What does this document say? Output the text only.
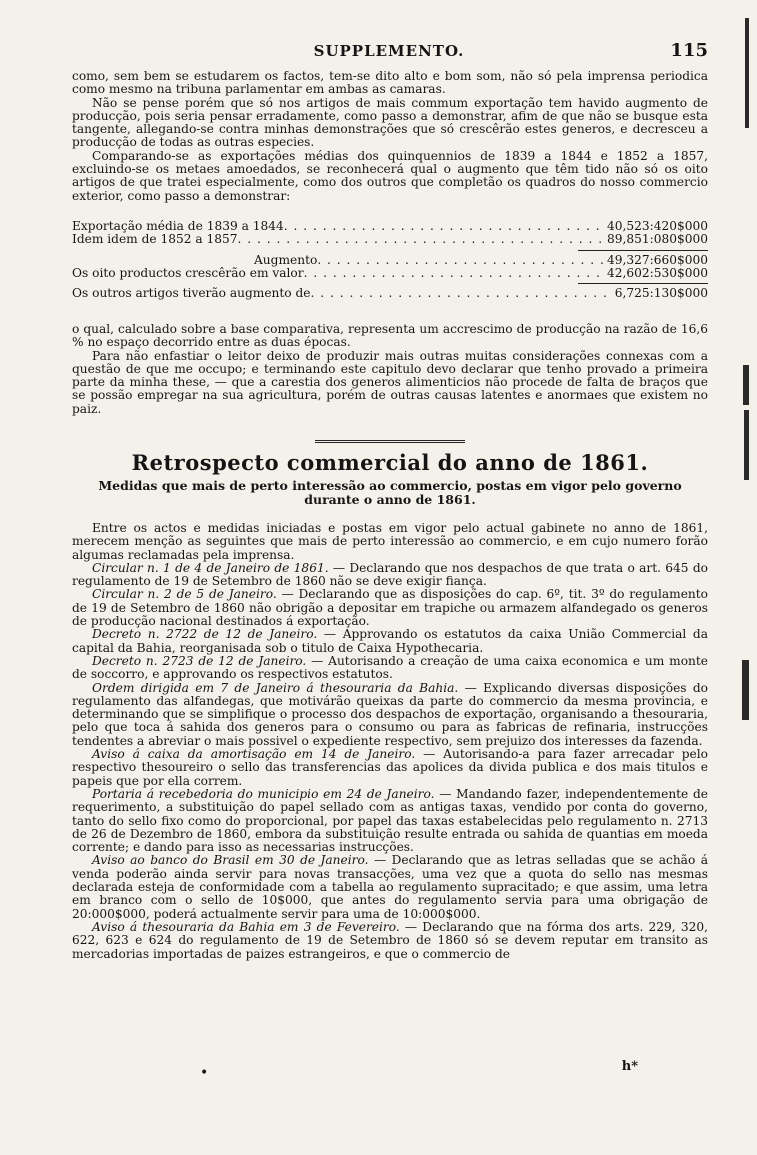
SUPPLEMENTO.	115

como, sem bem se estudarem os factos, tem-se dito alto e bom som, não só pela imprensa periodica como mesmo na tribuna parlamentar em ambas as camaras.

Não se pense porém que só nos artigos de mais commum exportação tem havido augmento de producção, pois seria pensar erradamente, como passo a demonstrar, afim de que não se busque esta tangente, allegando-se contra minhas demonstrações que só crescêrão estes generos, e decresceu a producção de todas as outras especies.

Comparando-se as exportações médias dos quinquennios de 1839 a 1844 e 1852 a 1857, excluindo-se os metaes amoedados, se reconhecerá qual o augmento que têm tido não só os oito artigos de que tratei especialmente, como dos outros que completão os quadros do nosso commercio exterior, como passo a demonstrar:

Exportação média de 1839 a 1844 . . .	40,523:420$000
Idem idem de 1852 a 1857 . . .	89,851:080$000
Augmento . . .	49,327:660$000
Os oito productos crescêrão em valor . . .	42,602:530$000
Os outros artigos tiverão augmento de . . .	6,725:130$000

o qual, calculado sobre a base comparativa, representa um accrescimo de producção na razão de 16,6 % no espaço decorrido entre as duas épocas.

Para não enfastiar o leitor deixo de produzir mais outras muitas considerações connexas com a questão de que me occupo; e terminando este capitulo devo declarar que tenho provado a primeira parte da minha these, — que a carestia dos generos alimenticios não procede de falta de braços que se possão empregar na sua agricultura, porém de outras causas latentes e anormaes que existem no paiz.

Retrospecto commercial do anno de 1861.
Medidas que mais de perto interessão ao commercio, postas em vigor pelo governo durante o anno de 1861.

Entre os actos e medidas iniciadas e postas em vigor pelo actual gabinete no anno de 1861, merecem menção as seguintes que mais de perto interessão ao commercio, e em cujo numero forão algumas reclamadas pela imprensa.

Circular n. 1 de 4 de Janeiro de 1861. — Declarando que nos despachos de que trata o art. 645 do regulamento de 19 de Setembro de 1860 não se deve exigir fiança.

Circular n. 2 de 5 de Janeiro. — Declarando que as disposições do cap. 6º, tit. 3º do regulamento de 19 de Setembro de 1860 não obrigão a depositar em trapiche ou armazem alfandegado os generos de producção nacional destinados á exportação.

Decreto n. 2722 de 12 de Janeiro. — Approvando os estatutos da caixa União Commercial da capital da Bahia, reorganisada sob o titulo de Caixa Hypothecaria.

Decreto n. 2723 de 12 de Janeiro. — Autorisando a creação de uma caixa economica e um monte de soccorro, e approvando os respectivos estatutos.

Ordem dirigida em 7 de Janeiro á thesouraria da Bahia. — Explicando diversas disposições do regulamento das alfandegas, que motivárão queixas da parte do commercio da mesma provincia, e determinando que se simplifique o processo dos despachos de exportação, organisando a thesouraria, pelo que toca á sahida dos generos para o consumo ou para as fabricas de refinaria, instrucções tendentes a abreviar o mais possivel o expediente respectivo, sem prejuizo dos interesses da fazenda.

Aviso á caixa da amortisação em 14 de Janeiro. — Autorisando-a para fazer arrecadar pelo respectivo thesoureiro o sello das transferencias das apolices da divida publica e dos mais titulos e papeis que por ella correm.

Portaria á recebedoria do municipio em 24 de Janeiro. — Mandando fazer, independentemente de requerimento, a substituição do papel sellado com as antigas taxas, vendido por conta do governo, tanto do sello fixo como do proporcional, por papel das taxas estabelecidas pelo regulamento n. 2713 de 26 de Dezembro de 1860, embora da substituição resulte entrada ou sahida de quantias em moeda corrente; e dando para isso as necessarias instrucções.

Aviso ao banco do Brasil em 30 de Janeiro. — Declarando que as letras selladas que se achão á venda poderão ainda servir para novas transacções, uma vez que a quota do sello nas mesmas declarada esteja de conformidade com a tabella ao regulamento supracitado; e que assim, uma letra em branco com o sello de 10$000, que antes do regulamento servia para uma obrigação de 20:000$000, poderá actualmente servir para uma de 10:000$000.

Aviso á thesouraria da Bahia em 3 de Fevereiro. — Declarando que na fórma dos arts. 229, 320, 622, 623 e 624 do regulamento de 19 de Setembro de 1860 só se devem reputar em transito as mercadorias importadas de paizes estrangeiros, e que o commercio de

•	h*
